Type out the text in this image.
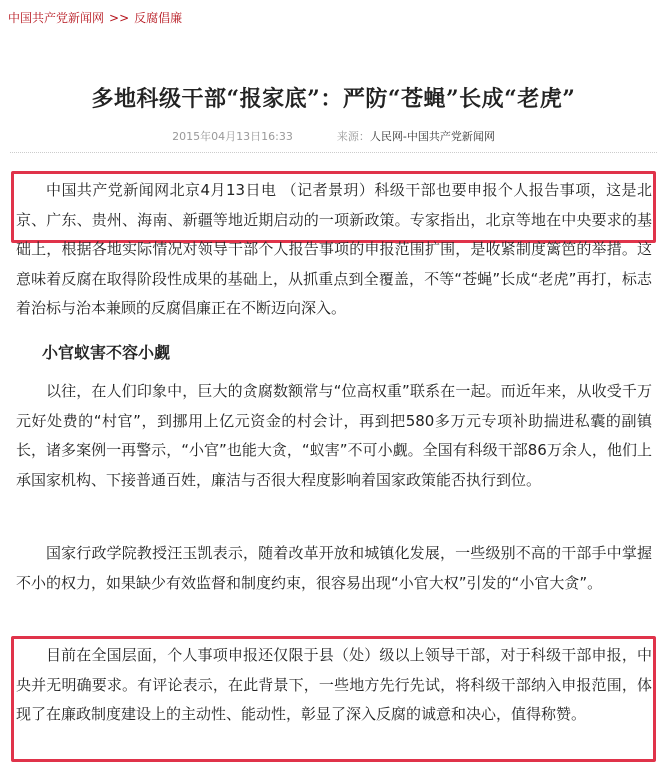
中国共产党新闻网 >> 反腐倡廉
多地科级干部“报家底”：严防“苍蝇”长成“老虎”
2015年04月13日16:33	来源：人民网-中国共产党新闻网

中国共产党新闻网北京4月13日电 （记者景玥）科级干部也要申报个人报告事项，这是北京、广东、贵州、海南、新疆等地近期启动的一项新政策。专家指出，北京等地在中央要求的基础上，根据各地实际情况对领导干部个人报告事项的申报范围扩围，是收紧制度篱笆的举措。这意味着反腐在取得阶段性成果的基础上，从抓重点到全覆盖，不等“苍蝇”长成“老虎”再打，标志着治标与治本兼顾的反腐倡廉正在不断迈向深入。

小官蚁害不容小觑

以往，在人们印象中，巨大的贪腐数额常与“位高权重”联系在一起。而近年来，从收受千万元好处费的“村官”，到挪用上亿元资金的村会计，再到把580多万元专项补助揣进私囊的副镇长，诸多案例一再警示，“小官”也能大贪，“蚁害”不可小觑。全国有科级干部86万余人，他们上承国家机构、下接普通百姓，廉洁与否很大程度影响着国家政策能否执行到位。

国家行政学院教授汪玉凯表示，随着改革开放和城镇化发展，一些级别不高的干部手中掌握不小的权力，如果缺少有效监督和制度约束，很容易出现“小官大权”引发的“小官大贪”。

目前在全国层面，个人事项申报还仅限于县（处）级以上领导干部，对于科级干部申报，中央并无明确要求。有评论表示，在此背景下，一些地方先行先试，将科级干部纳入申报范围，体现了在廉政制度建设上的主动性、能动性，彰显了深入反腐的诚意和决心，值得称赞。
